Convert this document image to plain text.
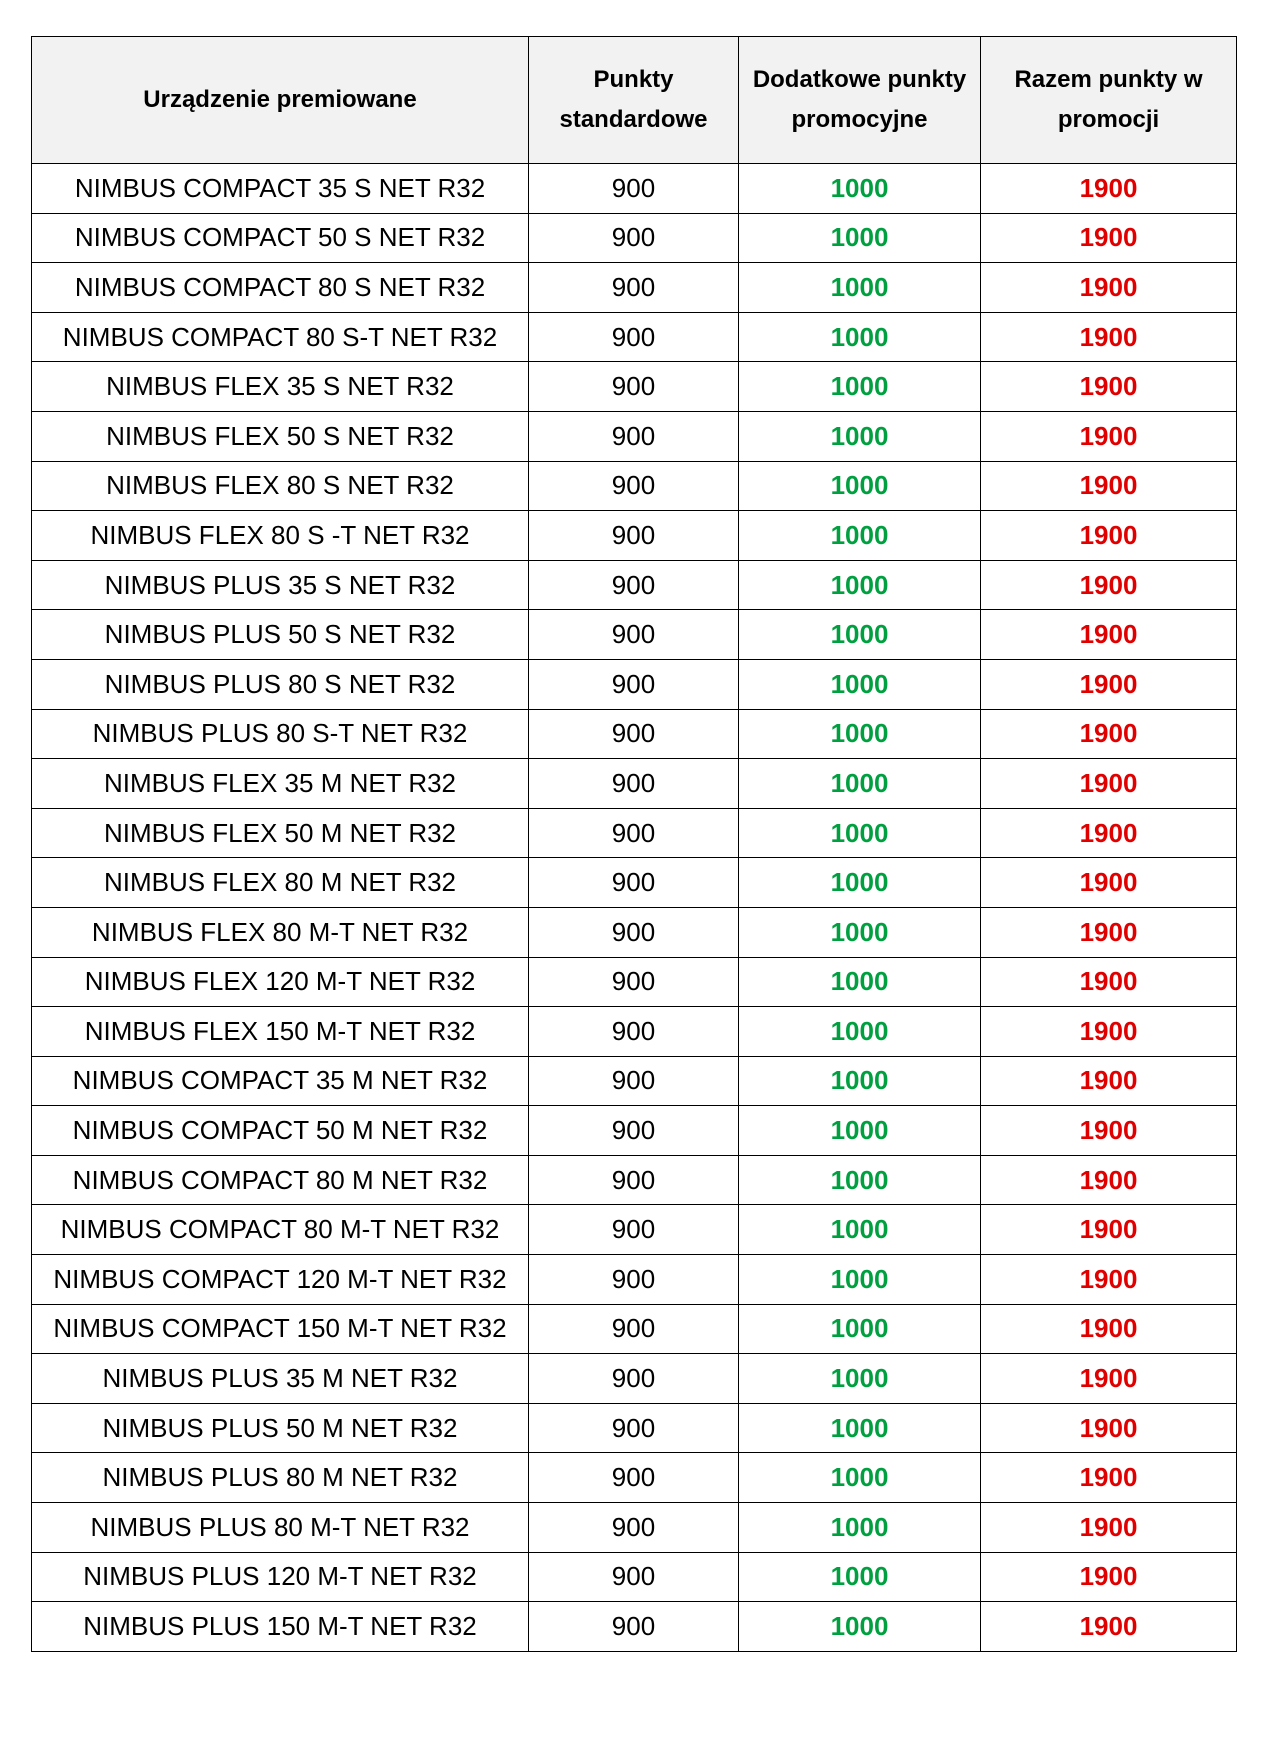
Urządzenie premiowane	Punkty standardowe	Dodatkowe punkty promocyjne	Razem punkty w promocji
NIMBUS COMPACT 35 S NET R32	900	1000	1900
NIMBUS COMPACT 50 S NET R32	900	1000	1900
NIMBUS COMPACT 80 S NET R32	900	1000	1900
NIMBUS COMPACT 80 S-T NET R32	900	1000	1900
NIMBUS FLEX 35 S NET R32	900	1000	1900
NIMBUS FLEX 50 S NET R32	900	1000	1900
NIMBUS FLEX 80 S NET R32	900	1000	1900
NIMBUS FLEX 80 S -T NET R32	900	1000	1900
NIMBUS PLUS 35 S NET R32	900	1000	1900
NIMBUS PLUS 50 S NET R32	900	1000	1900
NIMBUS PLUS 80 S NET R32	900	1000	1900
NIMBUS PLUS 80 S-T NET R32	900	1000	1900
NIMBUS FLEX 35 M NET R32	900	1000	1900
NIMBUS FLEX 50 M NET R32	900	1000	1900
NIMBUS FLEX 80 M NET R32	900	1000	1900
NIMBUS FLEX 80 M-T NET R32	900	1000	1900
NIMBUS FLEX 120 M-T NET R32	900	1000	1900
NIMBUS FLEX 150 M-T NET R32	900	1000	1900
NIMBUS COMPACT 35 M NET R32	900	1000	1900
NIMBUS COMPACT 50 M NET R32	900	1000	1900
NIMBUS COMPACT 80 M NET R32	900	1000	1900
NIMBUS COMPACT 80 M-T NET R32	900	1000	1900
NIMBUS COMPACT 120 M-T NET R32	900	1000	1900
NIMBUS COMPACT 150 M-T NET R32	900	1000	1900
NIMBUS PLUS 35 M NET R32	900	1000	1900
NIMBUS PLUS 50 M NET R32	900	1000	1900
NIMBUS PLUS 80 M NET R32	900	1000	1900
NIMBUS PLUS 80 M-T NET R32	900	1000	1900
NIMBUS PLUS 120 M-T NET R32	900	1000	1900
NIMBUS PLUS 150 M-T NET R32	900	1000	1900
